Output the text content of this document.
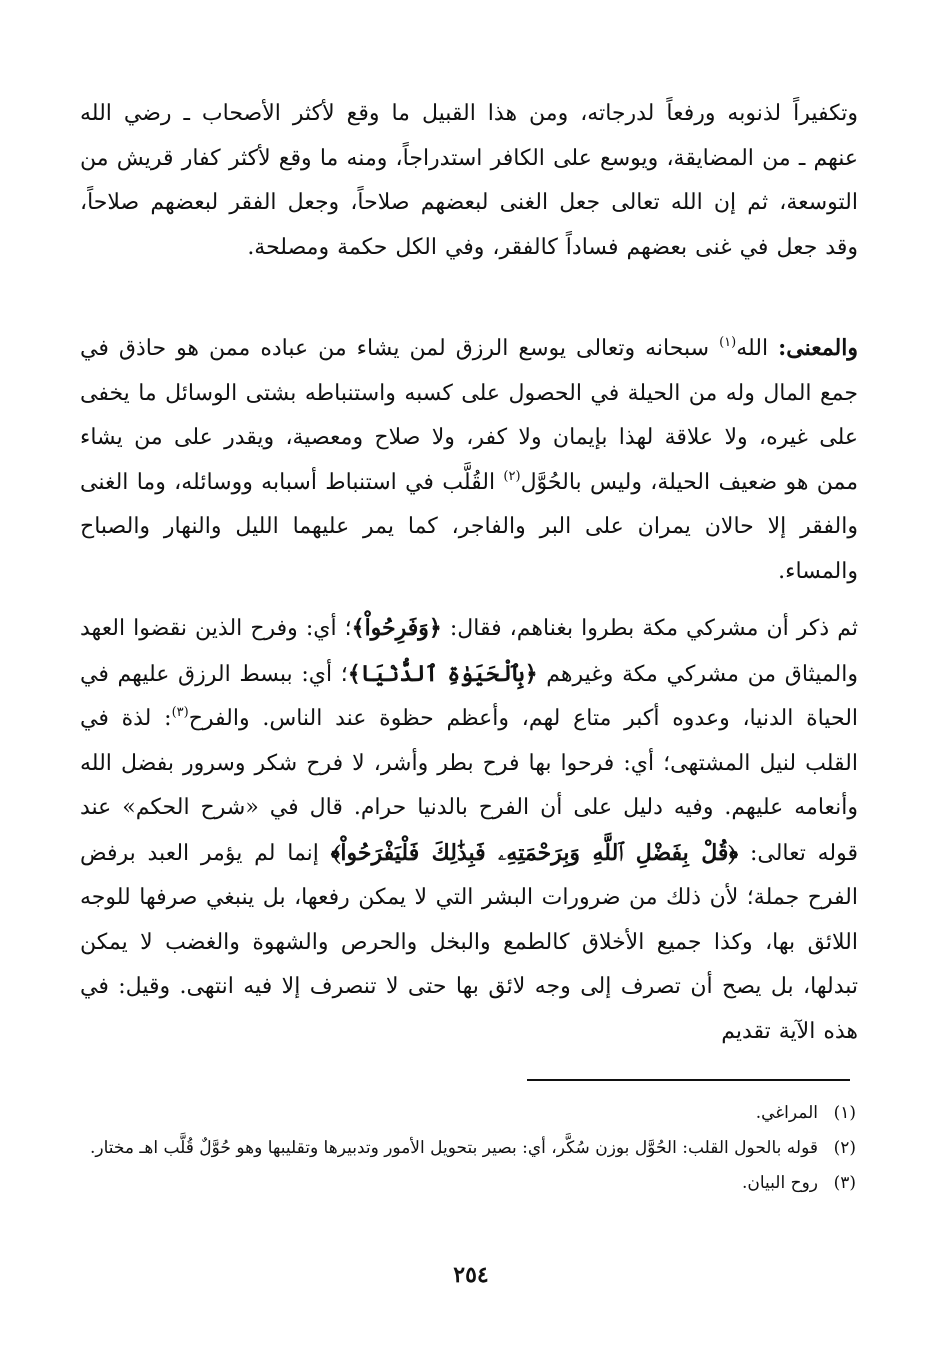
وتكفيراً لذنوبه ورفعاً لدرجاته، ومن هذا القبيل ما وقع لأكثر الأصحاب ـ رضي الله عنهم ـ من المضايقة، ويوسع على الكافر استدراجاً، ومنه ما وقع لأكثر كفار قريش من التوسعة، ثم إن الله تعالى جعل الغنى لبعضهم صلاحاً، وجعل الفقر لبعضهم صلاحاً، وقد جعل في غنى بعضهم فساداً كالفقر، وفي الكل حكمة ومصلحة.

والمعنى: الله$^{(١)}$ سبحانه وتعالى يوسع الرزق لمن يشاء من عباده ممن هو حاذق في جمع المال وله من الحيلة في الحصول على كسبه واستنباطه بشتى الوسائل ما يخفى على غيره، ولا علاقة لهذا بإيمان ولا كفر، ولا صلاح ومعصية، ويقدر على من يشاء ممن هو ضعيف الحيلة، وليس بالحُوَّل$^{(٢)}$ القُلَّب في استنباط أسبابه ووسائله، وما الغنى والفقر إلا حالان يمران على البر والفاجر، كما يمر عليهما الليل والنهار والصباح والمساء.

ثم ذكر أن مشركي مكة بطروا بغناهم، فقال: ﴿وَفَرِحُواْ﴾؛ أي: وفرح الذين نقضوا العهد والميثاق من مشركي مكة وغيرهم ﴿بِٱلْحَيَوٰةِ ٱلدُّنْيَا﴾؛ أي: ببسط الرزق عليهم في الحياة الدنيا، وعدوه أكبر متاع لهم، وأعظم حظوة عند الناس. والفرح$^{(٣)}$: لذة في القلب لنيل المشتهى؛ أي: فرحوا بها فرح بطر وأشر، لا فرح شكر وسرور بفضل الله وأنعامه عليهم. وفيه دليل على أن الفرح بالدنيا حرام. قال في «شرح الحكم» عند قوله تعالى: ﴿قُلْ بِفَضْلِ ٱللَّهِ وَبِرَحْمَتِهِۦ فَبِذَٰلِكَ فَلْيَفْرَحُواْ﴾ إنما لم يؤمر العبد برفض الفرح جملة؛ لأن ذلك من ضرورات البشر التي لا يمكن رفعها، بل ينبغي صرفها للوجه اللائق بها، وكذا جميع الأخلاق كالطمع والبخل والحرص والشهوة والغضب لا يمكن تبدلها، بل يصح أن تصرف إلى وجه لائق بها حتى لا تنصرف إلا فيه انتهى. وقيل: في هذه الآية تقديم

(١)
المراغي.
(٢)
قوله بالحول القلب: الحُوَّل بوزن سُكَّر، أي: بصير بتحويل الأمور وتدبيرها وتقليبها وهو حُوَّلٌ قُلَّب اهـ مختار.
(٣)
روح البيان.
٢٥٤
